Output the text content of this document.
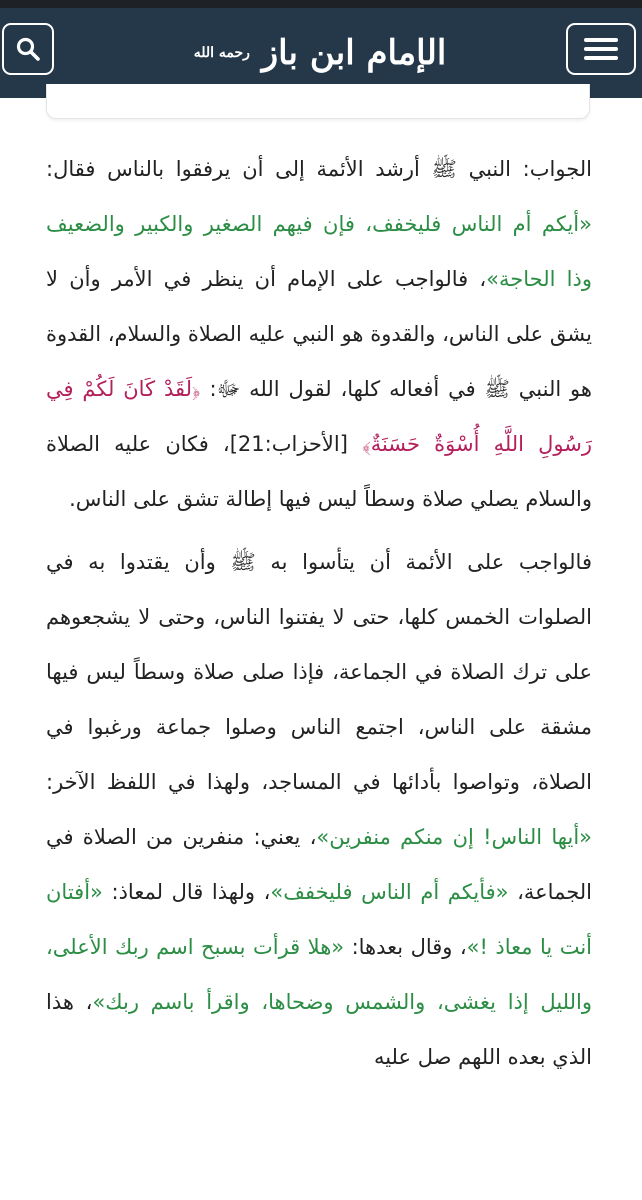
الإمام ابن باز $^{رحمه الله}$

الجواب: النبي ﷺ أرشد الأئمة إلى أن يرفقوا بالناس فقال: «أيكم أم الناس فليخفف، فإن فيهم الصغير والكبير والضعيف وذا الحاجة»، فالواجب على الإمام أن ينظر في الأمر وأن لا يشق على الناس، والقدوة هو النبي عليه الصلاة والسلام، القدوة هو النبي ﷺ في أفعاله كلها، لقول الله ﷻ: ﴿لَقَدْ كَانَ لَكُمْ فِي رَسُولِ اللَّهِ أُسْوَةٌ حَسَنَةٌ﴾ [الأحزاب:21]، فكان عليه الصلاة والسلام يصلي صلاة وسطاً ليس فيها إطالة تشق على الناس.

فالواجب على الأئمة أن يتأسوا به ﷺ وأن يقتدوا به في الصلوات الخمس كلها، حتى لا يفتنوا الناس، وحتى لا يشجعوهم على ترك الصلاة في الجماعة، فإذا صلى صلاة وسطاً ليس فيها مشقة على الناس، اجتمع الناس وصلوا جماعة ورغبوا في الصلاة، وتواصوا بأدائها في المساجد، ولهذا في اللفظ الآخر: «أيها الناس! إن منكم منفرين»، يعني: منفرين من الصلاة في الجماعة، «فأيكم أم الناس فليخفف»، ولهذا قال لمعاذ: «أفتان أنت يا معاذ !»، وقال بعدها: «هلا قرأت بسبح اسم ربك الأعلى، والليل إذا يغشى، والشمس وضحاها، واقرأ باسم ربك»، هذا الذي بعده اللهم صل عليه
